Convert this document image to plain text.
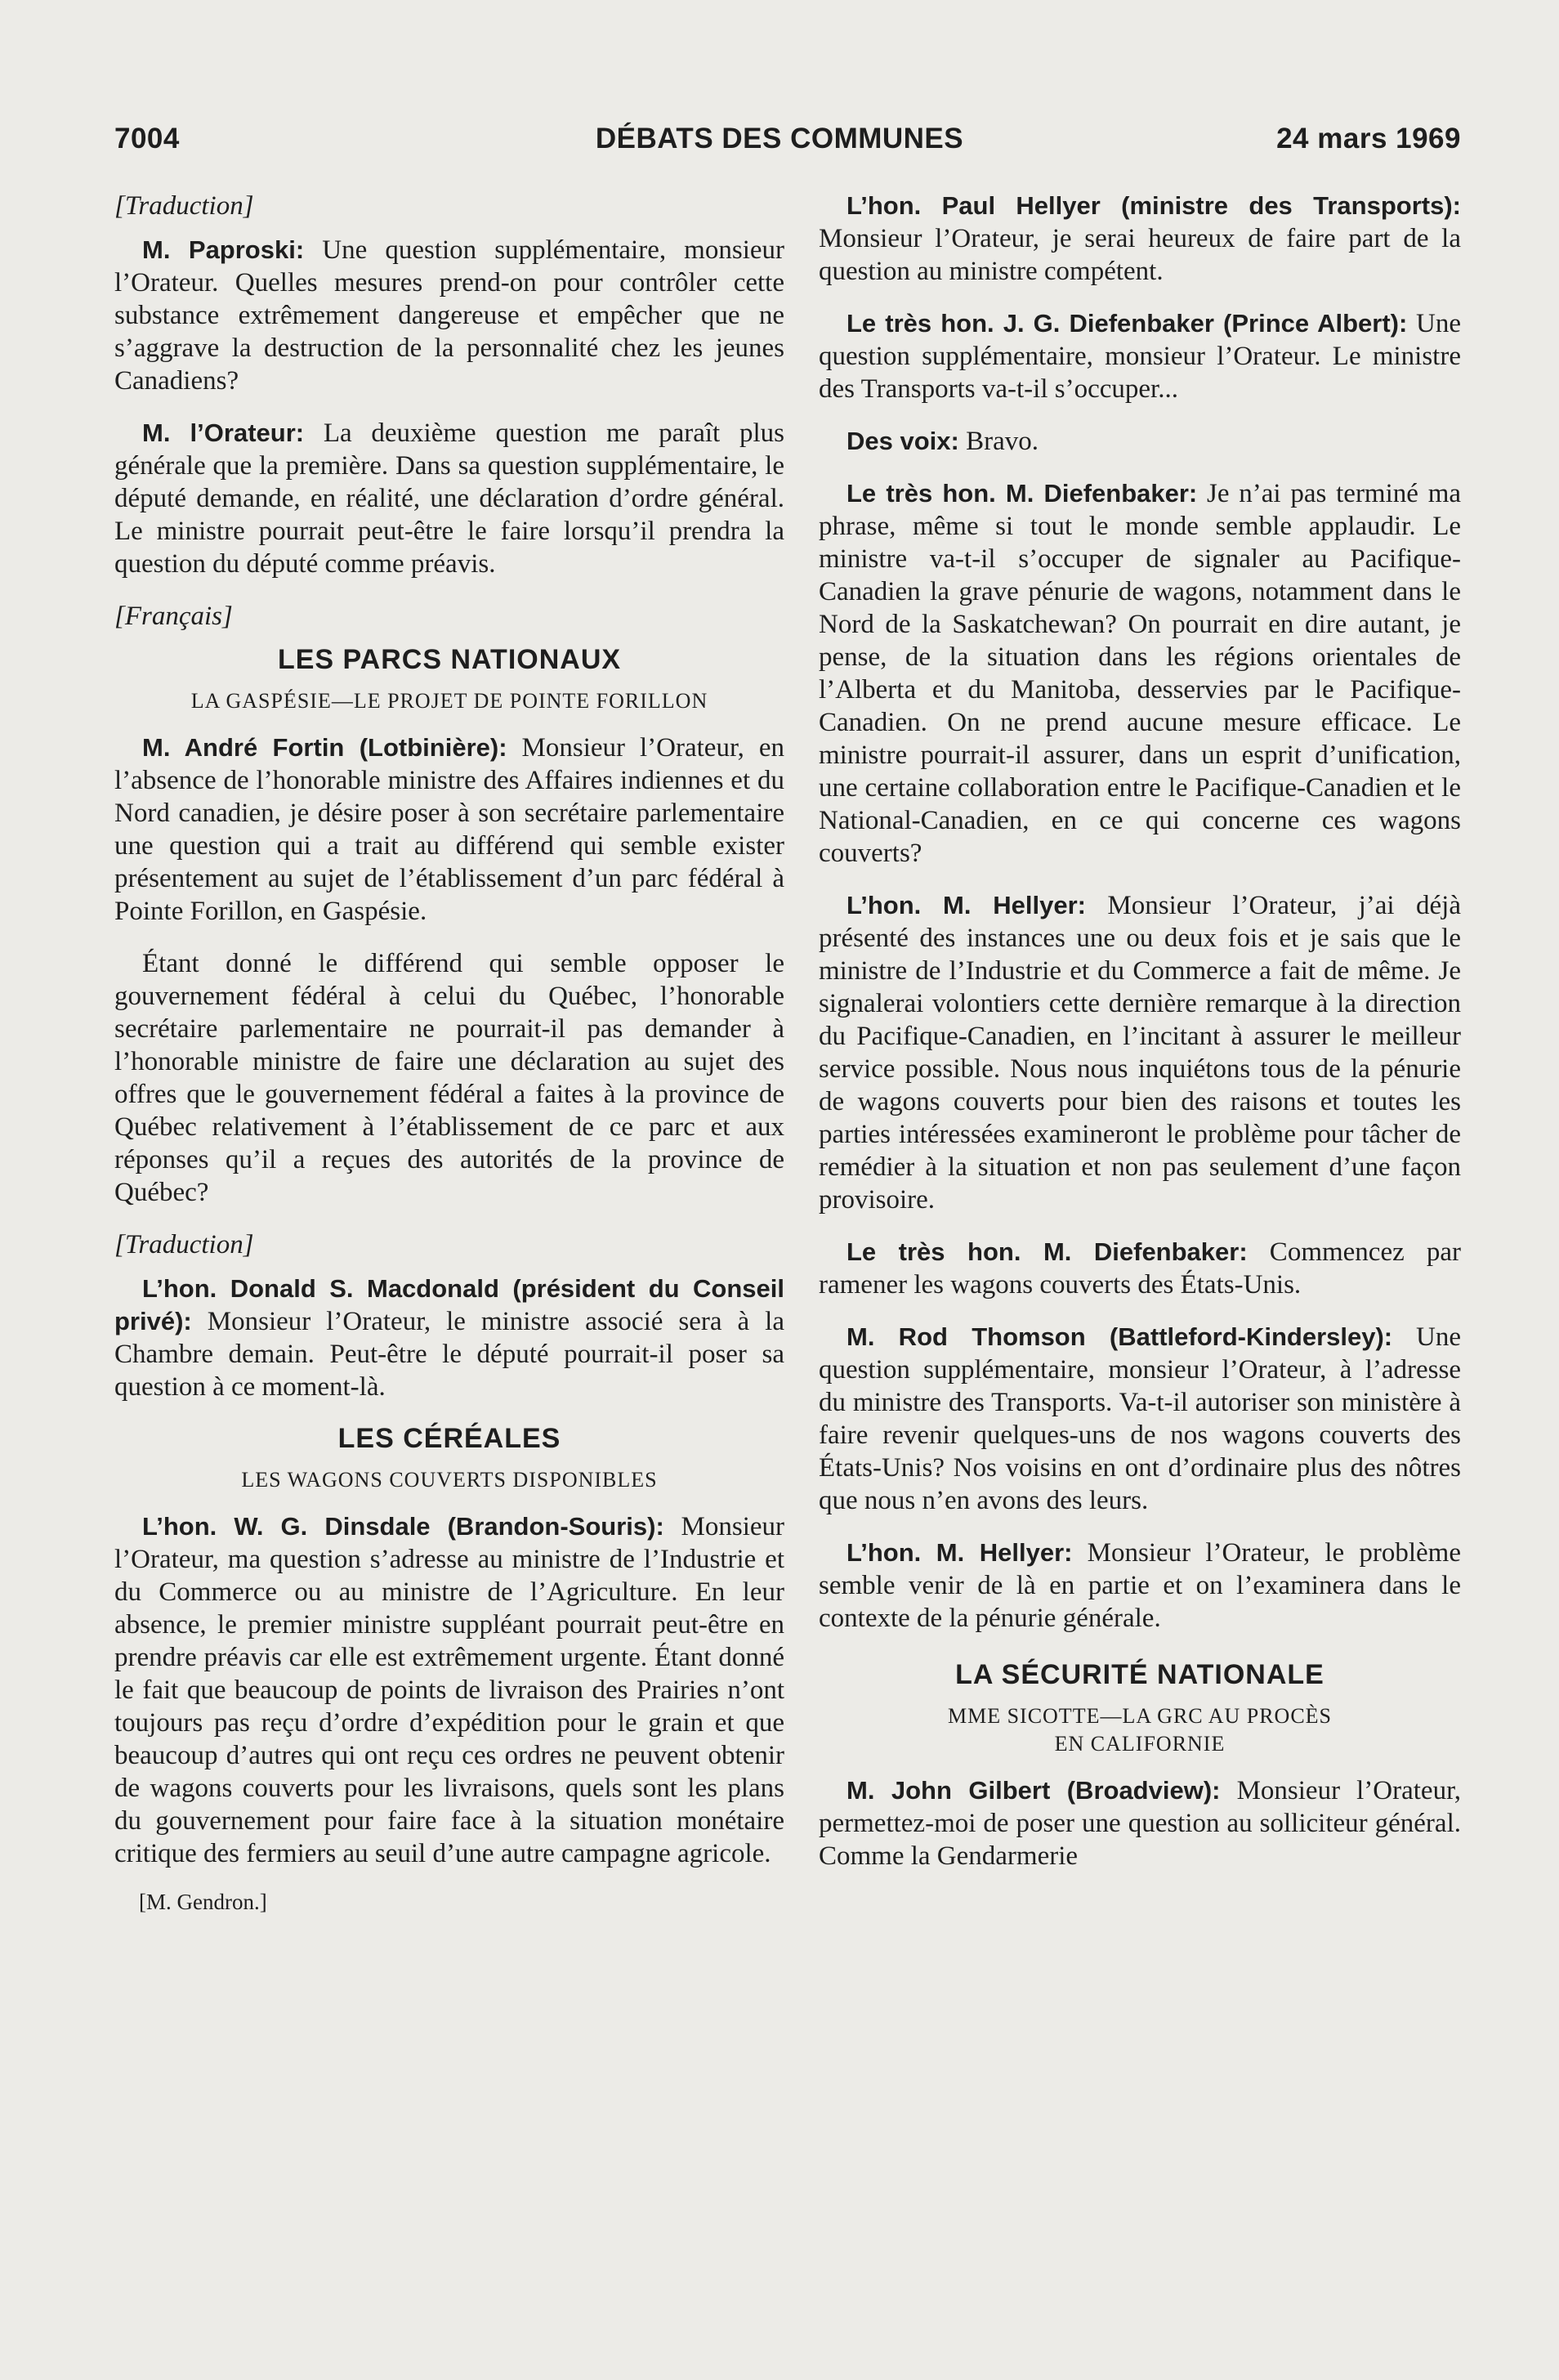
7004	DÉBATS DES COMMUNES	24 mars 1969

[Traduction]

M. Paproski: Une question supplémentaire, monsieur l’Orateur. Quelles mesures prend-on pour contrôler cette substance extrêmement dangereuse et empêcher que ne s’aggrave la destruction de la personnalité chez les jeunes Canadiens?

M. l’Orateur: La deuxième question me paraît plus générale que la première. Dans sa question supplémentaire, le député demande, en réalité, une déclaration d’ordre général. Le ministre pourrait peut-être le faire lorsqu’il prendra la question du député comme préavis.

[Français]

LES PARCS NATIONAUX
LA GASPÉSIE—LE PROJET DE POINTE FORILLON

M. André Fortin (Lotbinière): Monsieur l’Orateur, en l’absence de l’honorable ministre des Affaires indiennes et du Nord canadien, je désire poser à son secrétaire parlementaire une question qui a trait au différend qui semble exister présentement au sujet de l’établissement d’un parc fédéral à Pointe Forillon, en Gaspésie.

Étant donné le différend qui semble opposer le gouvernement fédéral à celui du Québec, l’honorable secrétaire parlementaire ne pourrait-il pas demander à l’honorable ministre de faire une déclaration au sujet des offres que le gouvernement fédéral a faites à la province de Québec relativement à l’établissement de ce parc et aux réponses qu’il a reçues des autorités de la province de Québec?

[Traduction]

L’hon. Donald S. Macdonald (président du Conseil privé): Monsieur l’Orateur, le ministre associé sera à la Chambre demain. Peut-être le député pourrait-il poser sa question à ce moment-là.

LES CÉRÉALES
LES WAGONS COUVERTS DISPONIBLES

L’hon. W. G. Dinsdale (Brandon-Souris): Monsieur l’Orateur, ma question s’adresse au ministre de l’Industrie et du Commerce ou au ministre de l’Agriculture. En leur absence, le premier ministre suppléant pourrait peut-être en prendre préavis car elle est extrêmement urgente. Étant donné le fait que beaucoup de points de livraison des Prairies n’ont toujours pas reçu d’ordre d’expédition pour le grain et que beaucoup d’autres qui ont reçu ces ordres ne peuvent obtenir de wagons couverts pour les livraisons, quels sont les plans du gouvernement pour faire face à la situation monétaire critique des fermiers au seuil d’une autre campagne agricole.

[M. Gendron.]

L’hon. Paul Hellyer (ministre des Transports): Monsieur l’Orateur, je serai heureux de faire part de la question au ministre compétent.

Le très hon. J. G. Diefenbaker (Prince Albert): Une question supplémentaire, monsieur l’Orateur. Le ministre des Transports va-t-il s’occuper...

Des voix: Bravo.

Le très hon. M. Diefenbaker: Je n’ai pas terminé ma phrase, même si tout le monde semble applaudir. Le ministre va-t-il s’occuper de signaler au Pacifique-Canadien la grave pénurie de wagons, notamment dans le Nord de la Saskatchewan? On pourrait en dire autant, je pense, de la situation dans les régions orientales de l’Alberta et du Manitoba, desservies par le Pacifique-Canadien. On ne prend aucune mesure efficace. Le ministre pourrait-il assurer, dans un esprit d’unification, une certaine collaboration entre le Pacifique-Canadien et le National-Canadien, en ce qui concerne ces wagons couverts?

L’hon. M. Hellyer: Monsieur l’Orateur, j’ai déjà présenté des instances une ou deux fois et je sais que le ministre de l’Industrie et du Commerce a fait de même. Je signalerai volontiers cette dernière remarque à la direction du Pacifique-Canadien, en l’incitant à assurer le meilleur service possible. Nous nous inquiétons tous de la pénurie de wagons couverts pour bien des raisons et toutes les parties intéressées examineront le problème pour tâcher de remédier à la situation et non pas seulement d’une façon provisoire.

Le très hon. M. Diefenbaker: Commencez par ramener les wagons couverts des États-Unis.

M. Rod Thomson (Battleford-Kindersley): Une question supplémentaire, monsieur l’Orateur, à l’adresse du ministre des Transports. Va-t-il autoriser son ministère à faire revenir quelques-uns de nos wagons couverts des États-Unis? Nos voisins en ont d’ordinaire plus des nôtres que nous n’en avons des leurs.

L’hon. M. Hellyer: Monsieur l’Orateur, le problème semble venir de là en partie et on l’examinera dans le contexte de la pénurie générale.

LA SÉCURITÉ NATIONALE
MME SICOTTE—LA GRC AU PROCÈS
EN CALIFORNIE

M. John Gilbert (Broadview): Monsieur l’Orateur, permettez-moi de poser une question au solliciteur général. Comme la Gendarmerie
